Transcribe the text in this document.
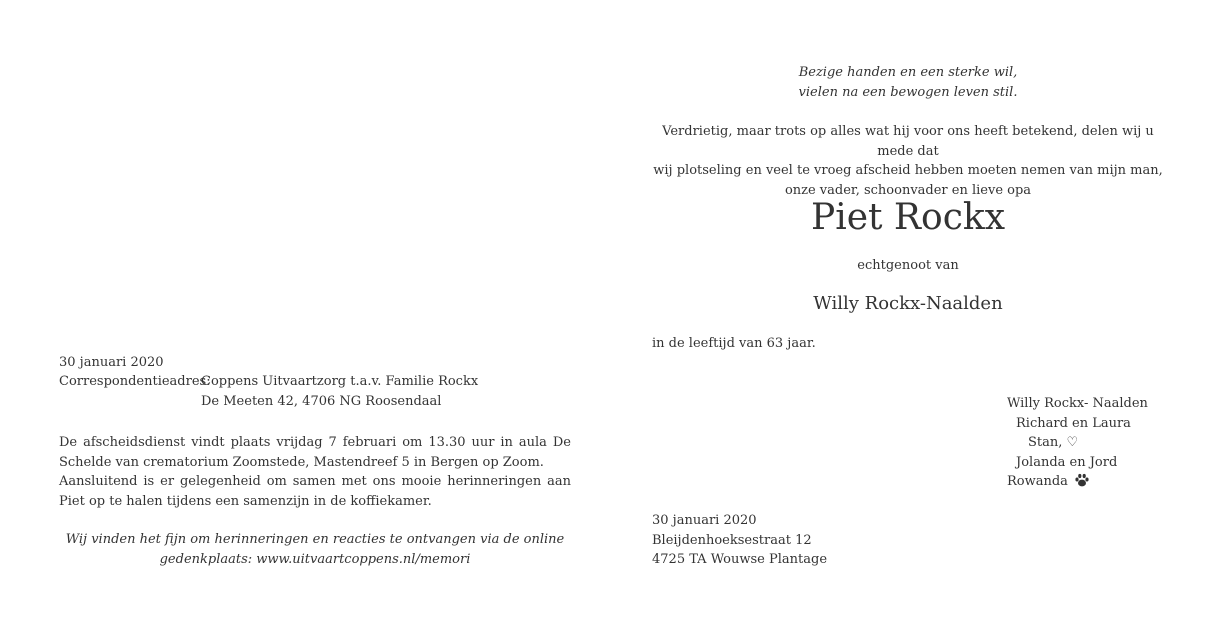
30 januari 2020
Correspondentieadres:
Coppens Uitvaartzorg t.a.v. Familie Rockx
De Meeten 42, 4706 NG Roosendaal

De afscheidsdienst vindt plaats vrijdag 7 februari om 13.30 uur in aula De Schelde van crematorium Zoomstede, Mastendreef 5 in Bergen op Zoom.

Aansluitend is er gelegenheid om samen met ons mooie herinneringen aan Piet op te halen tijdens een samenzijn in de koffiekamer.

Wij vinden het fijn om herinneringen en reacties te ontvangen via de online
gedenkplaats: www.uitvaartcoppens.nl/memori
Bezige handen en een sterke wil,
vielen na een bewogen leven stil.
Verdrietig, maar trots op alles wat hij voor ons heeft betekend, delen wij u mede dat
wij plotseling en veel te vroeg afscheid hebben moeten nemen van mijn man,
onze vader, schoonvader en lieve opa
Piet Rockx
echtgenoot van
Willy Rockx-Naalden
in de leeftijd van 63 jaar.
Willy Rockx- Naalden
Richard en Laura
Stan, ♡
Jolanda en Jord
Rowanda
30 januari 2020
Bleijdenhoeksestraat 12
4725 TA Wouwse Plantage
